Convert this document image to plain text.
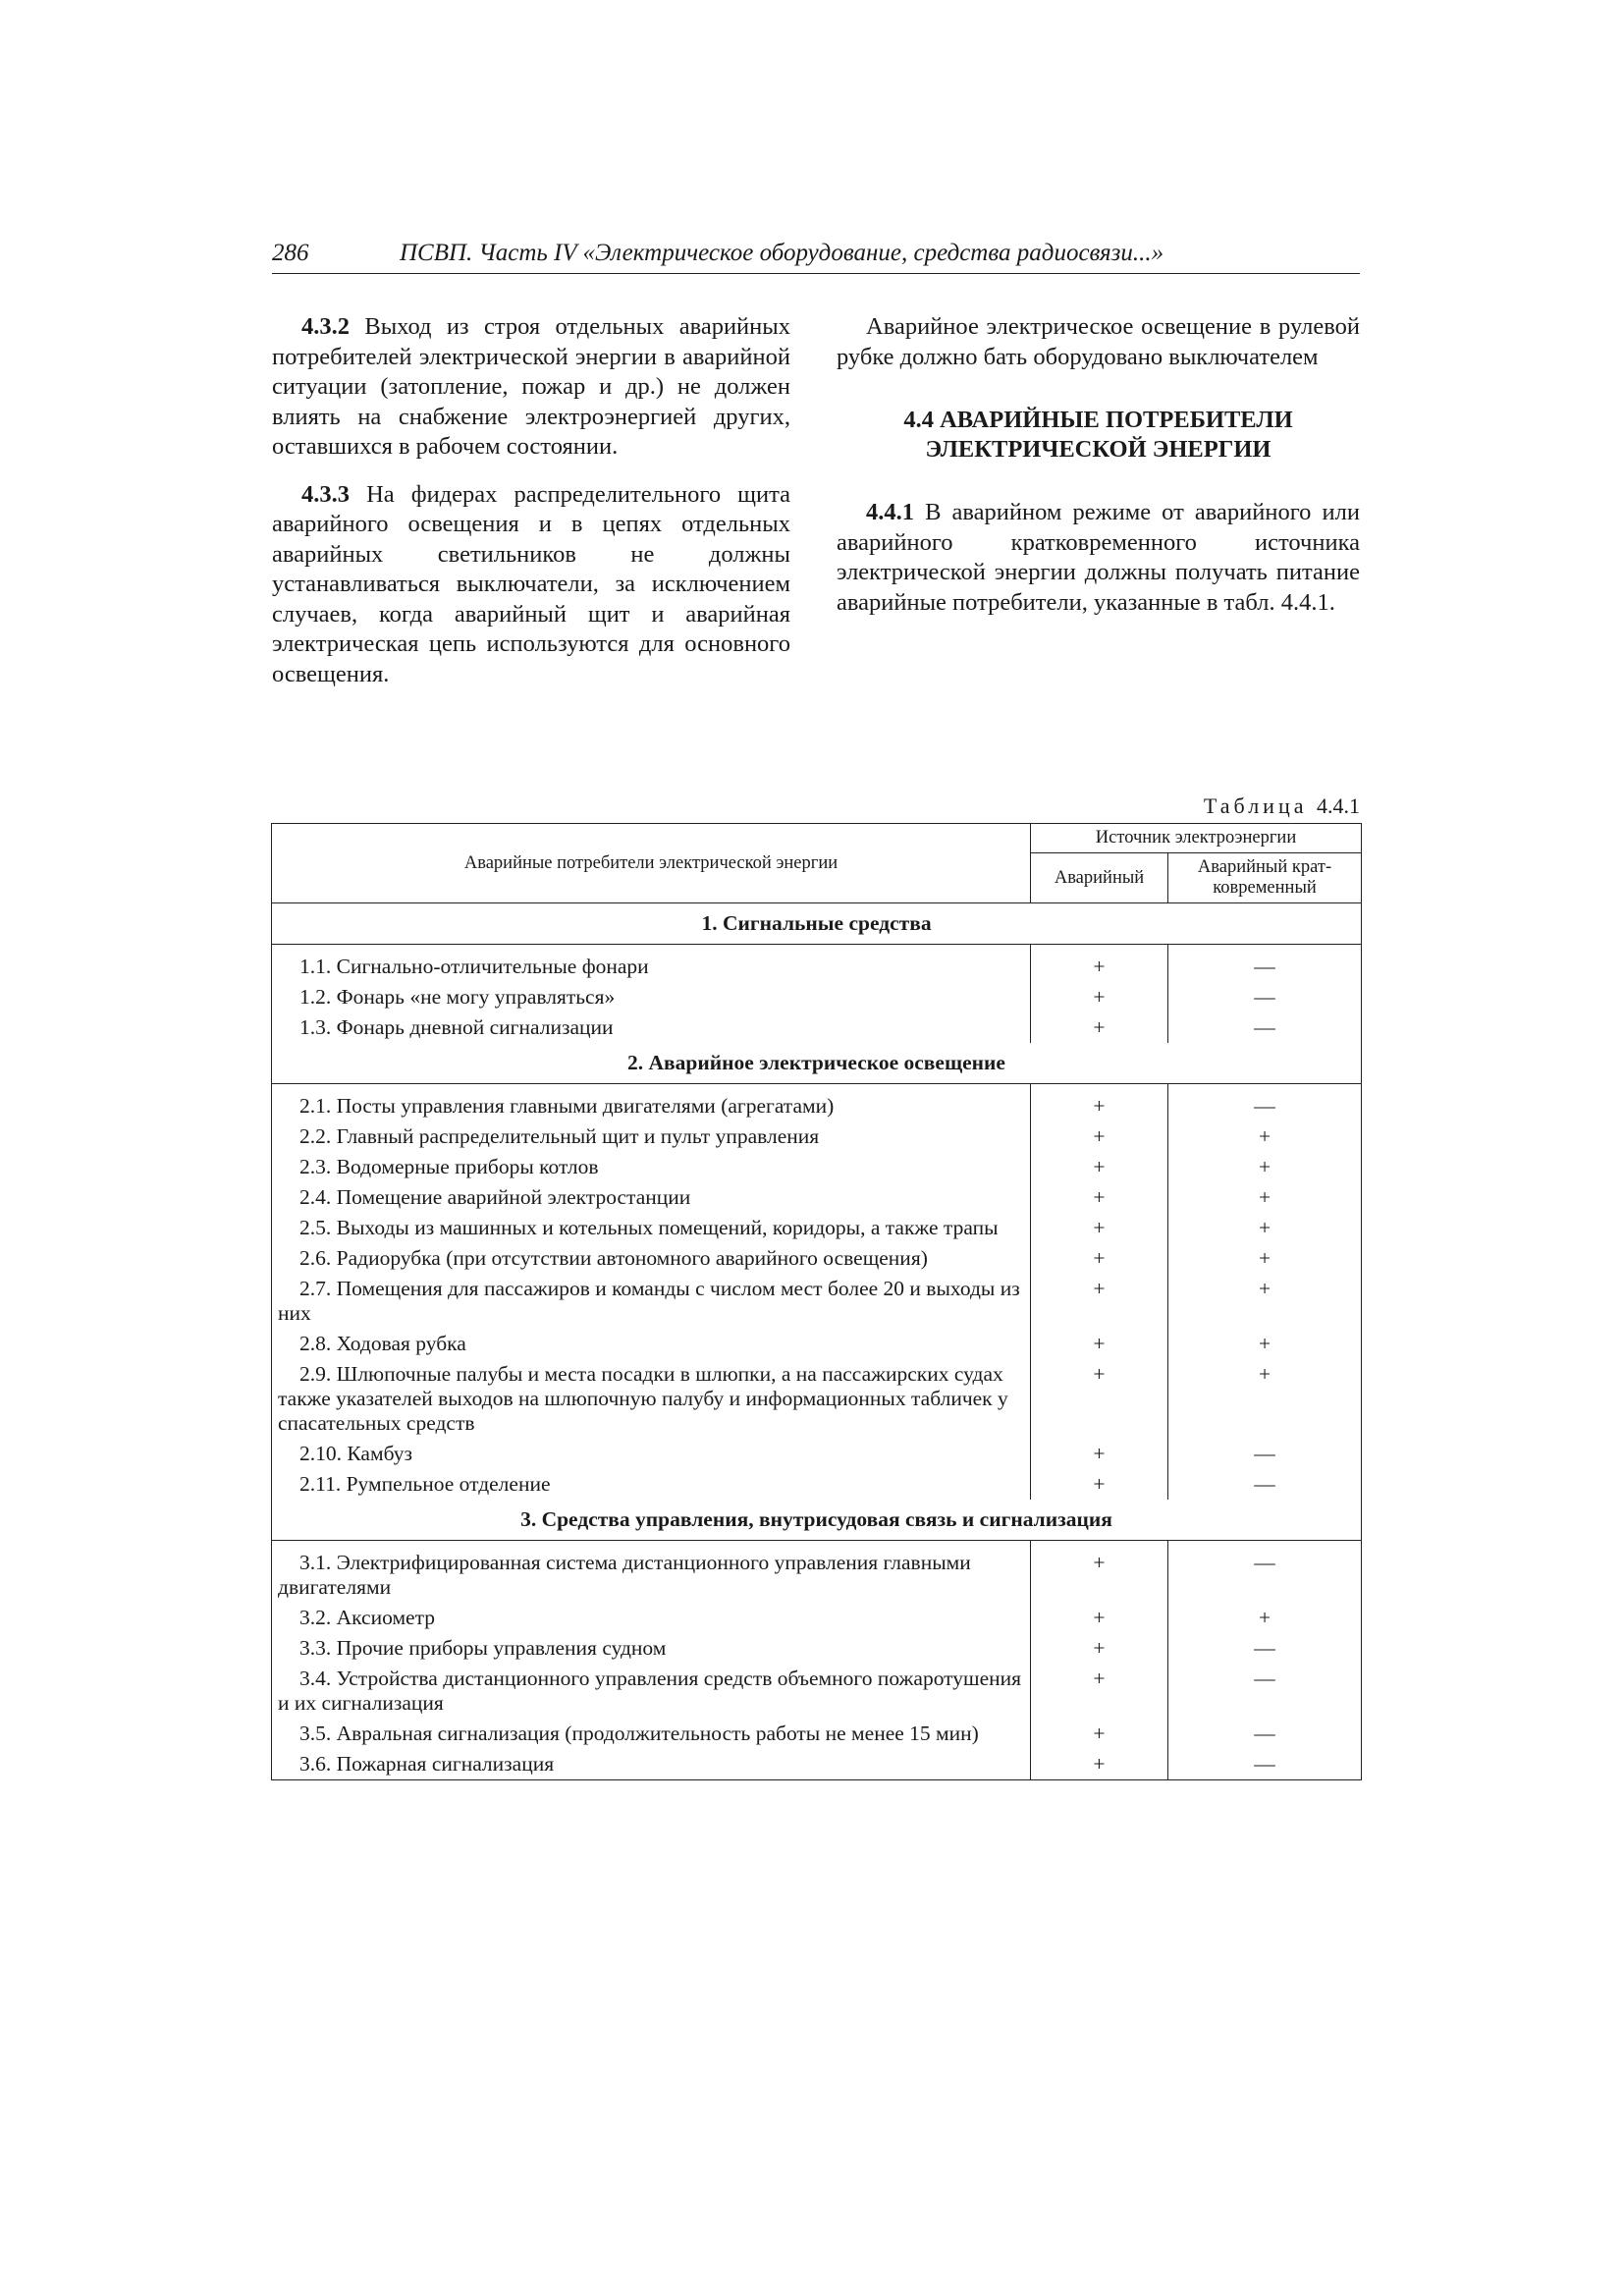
286	ПСВП. Часть IV «Электрическое оборудование, средства радиосвязи...»

4.3.2 Выход из строя отдельных аварийных потребителей электрической энергии в аварийной ситуации (затопление, пожар и др.) не должен влиять на снабжение электроэнергией других, оставшихся в рабочем состоянии.

4.3.3 На фидерах распределительного щита аварийного освещения и в цепях отдельных аварийных светильников не должны устанавливаться выключатели, за исключением случаев, когда аварийный щит и аварийная электрическая цепь используются для основного освещения.

Аварийное электрическое освещение в рулевой рубке должно бать оборудовано выключателем

4.4 АВАРИЙНЫЕ ПОТРЕБИТЕЛИ
ЭЛЕКТРИЧЕСКОЙ ЭНЕРГИИ

4.4.1 В аварийном режиме от аварийного или аварийного кратковременного источника электрической энергии должны получать питание аварийные потребители, указанные в табл. 4.4.1.

Таблица 4.4.1
Аварийные потребители электрической энергии	Источник электроэнергии	
	Аварийный	Аварийный кратковременный
1. Сигнальные средства		
1.1. Сигнально-отличительные фонари	+	—
1.2. Фонарь «не могу управляться»	+	—
1.3. Фонарь дневной сигнализации	+	—
2. Аварийное электрическое освещение		
2.1. Посты управления главными двигателями (агрегатами)	+	—
2.2. Главный распределительный щит и пульт управления	+	+
2.3. Водомерные приборы котлов	+	+
2.4. Помещение аварийной электростанции	+	+
2.5. Выходы из машинных и котельных помещений, коридоры, а также трапы	+	+
2.6. Радиорубка (при отсутствии автономного аварийного освещения)	+	+
2.7. Помещения для пассажиров и команды с числом мест более 20 и выходы из них	+	+
2.8. Ходовая рубка	+	+
2.9. Шлюпочные палубы и места посадки в шлюпки, а на пассажирских судах также указателей выходов на шлюпочную палубу и информационных табличек у спасательных средств	+	+
2.10. Камбуз	+	—
2.11. Румпельное отделение	+	—
3. Средства управления, внутрисудовая связь и сигнализация		
3.1. Электрифицированная система дистанционного управления главными двигателями	+	—
3.2. Аксиометр	+	+
3.3. Прочие приборы управления судном	+	—
3.4. Устройства дистанционного управления средств объемного пожаротушения и их сигнализация	+	—
3.5. Авральная сигнализация (продолжительность работы не менее 15 мин)	+	—
3.6. Пожарная сигнализация	+	—
